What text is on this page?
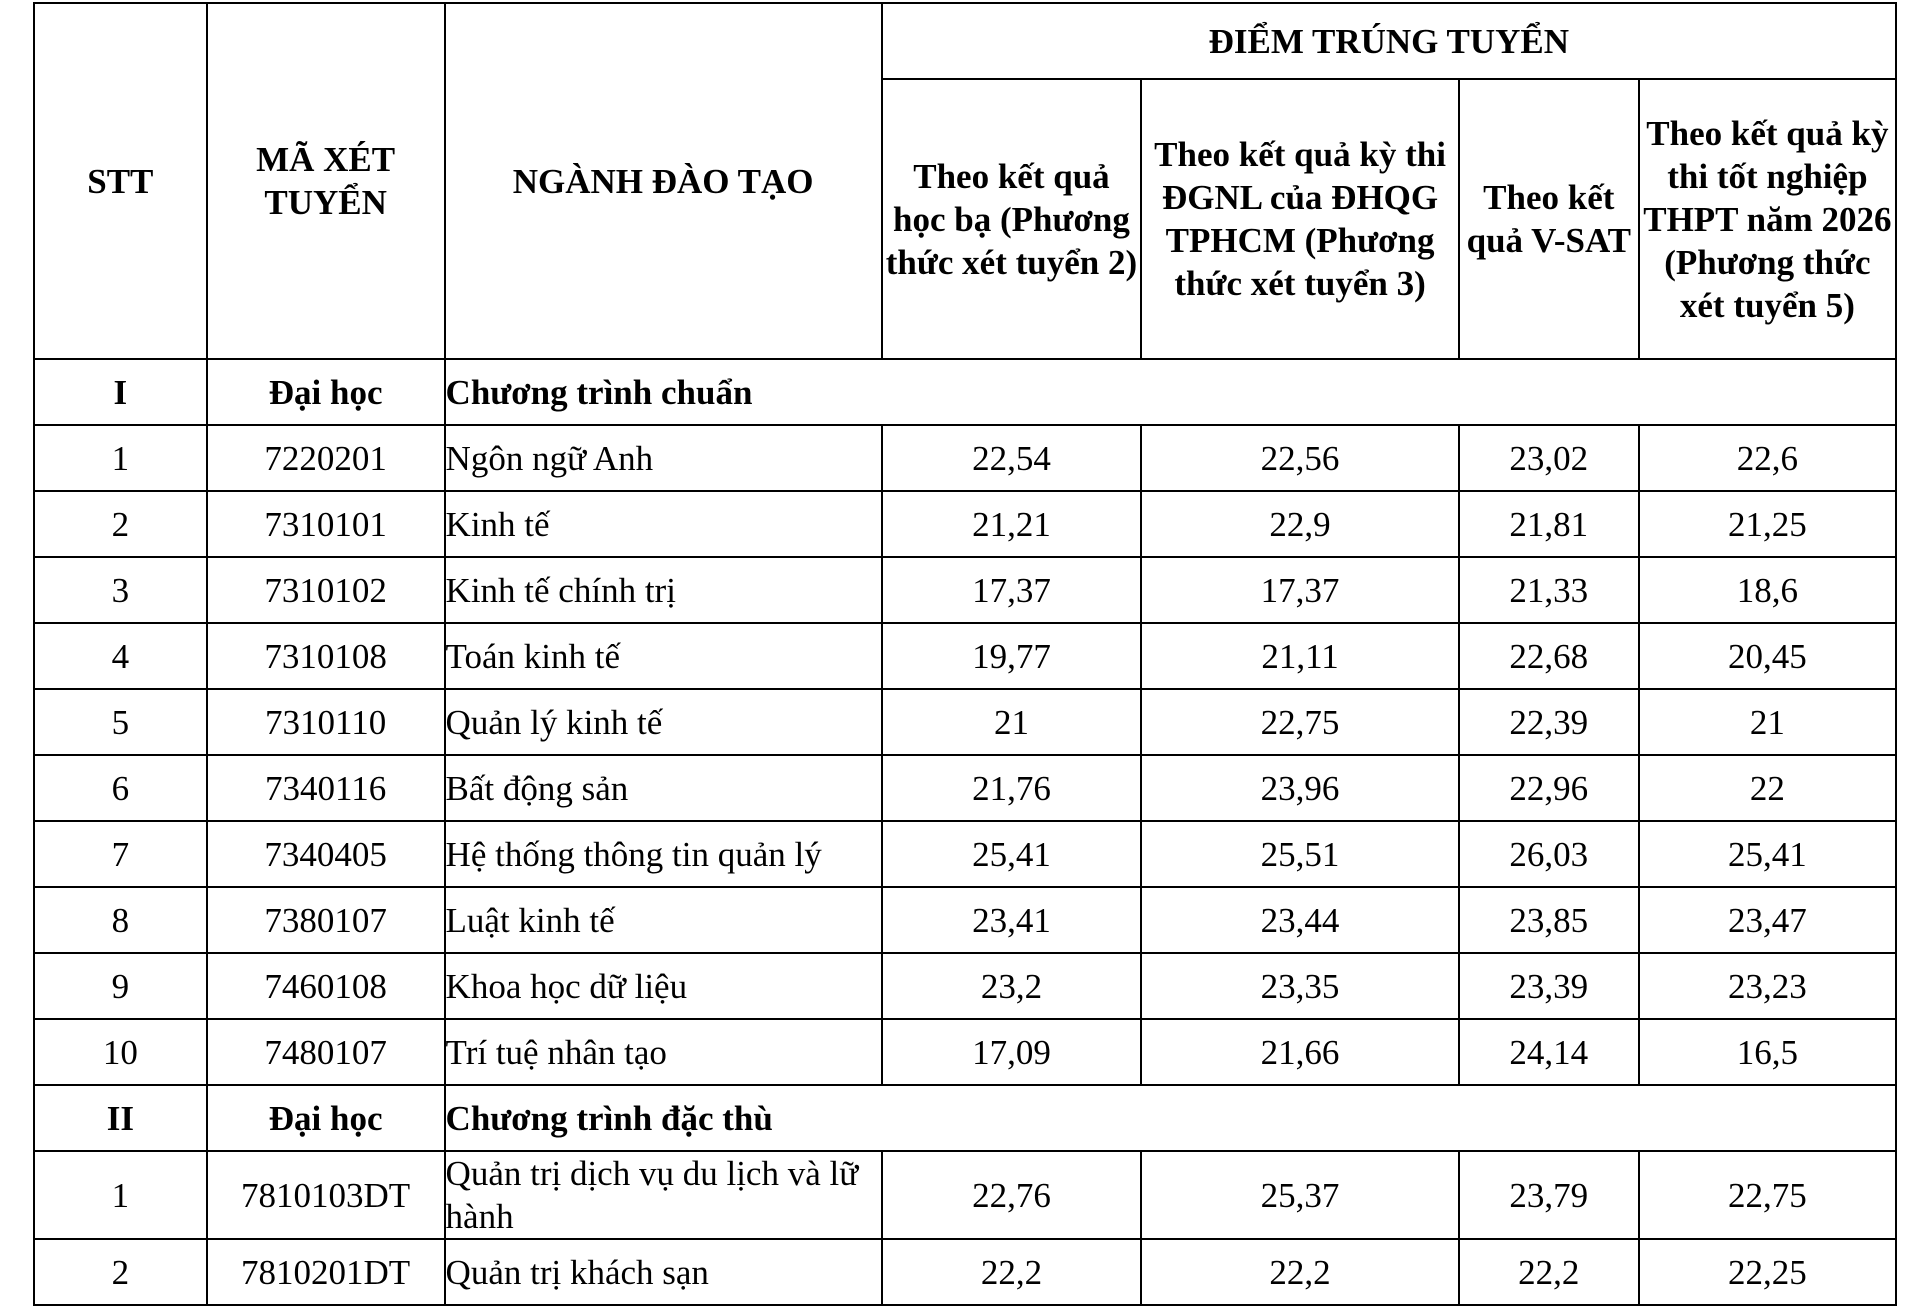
STT	MÃ XÉT TUYỂN	NGÀNH ĐÀO TẠO	ĐIỂM TRÚNG TUYỂN			
			Theo kết quả học bạ (Phương thức xét tuyển 2)	Theo kết quả kỳ thi ĐGNL của ĐHQG TPHCM (Phương thức xét tuyển 3)	Theo kết quả V-SAT	Theo kết quả kỳ thi tốt nghiệp THPT năm 2026 (Phương thức xét tuyển 5)
I	Đại học	Chương trình chuẩn				
1	7220201	Ngôn ngữ Anh	22,54	22,56	23,02	22,6
2	7310101	Kinh tế	21,21	22,9	21,81	21,25
3	7310102	Kinh tế chính trị	17,37	17,37	21,33	18,6
4	7310108	Toán kinh tế	19,77	21,11	22,68	20,45
5	7310110	Quản lý kinh tế	21	22,75	22,39	21
6	7340116	Bất động sản	21,76	23,96	22,96	22
7	7340405	Hệ thống thông tin quản lý	25,41	25,51	26,03	25,41
8	7380107	Luật kinh tế	23,41	23,44	23,85	23,47
9	7460108	Khoa học dữ liệu	23,2	23,35	23,39	23,23
10	7480107	Trí tuệ nhân tạo	17,09	21,66	24,14	16,5
II	Đại học	Chương trình đặc thù				
1	7810103DT	Quản trị dịch vụ du lịch và lữ hành	22,76	25,37	23,79	22,75
2	7810201DT	Quản trị khách sạn	22,2	22,2	22,2	22,25
